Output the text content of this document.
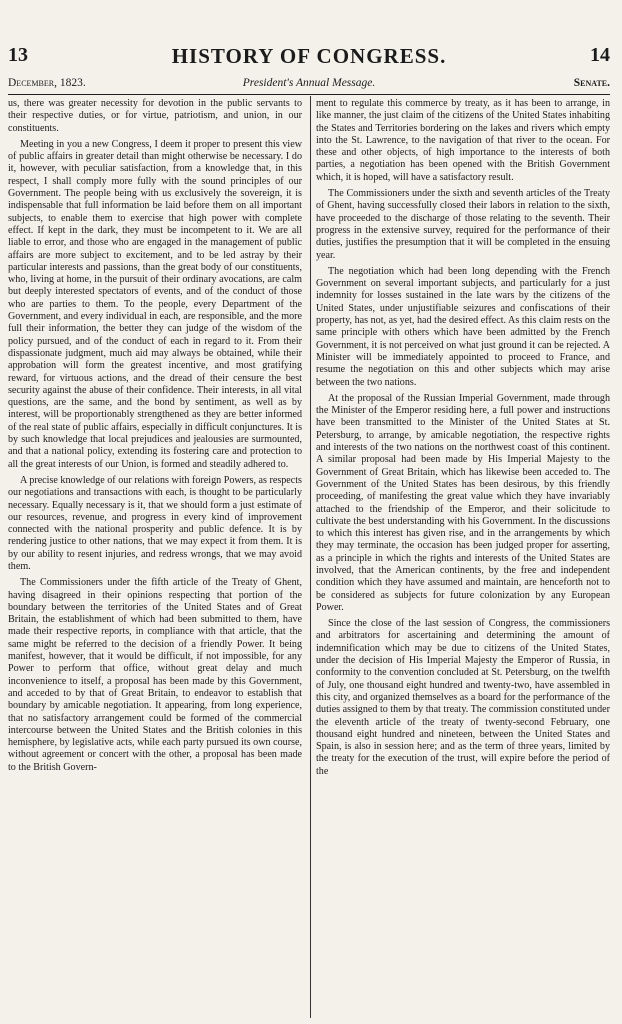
13	HISTORY OF CONGRESS.	14
December, 1823.	President's Annual Message.	Senate.

us, there was greater necessity for devotion in the public servants to their respective duties, or for virtue, patriotism, and union, in our constituents.

Meeting in you a new Congress, I deem it proper to present this view of public affairs in greater detail than might otherwise be necessary. I do it, however, with peculiar satisfaction, from a knowledge that, in this respect, I shall comply more fully with the sound principles of our Government. The people being with us exclusively the sovereign, it is indispensable that full information be laid before them on all important subjects, to enable them to exercise that high power with complete effect. If kept in the dark, they must be incompetent to it. We are all liable to error, and those who are engaged in the management of public affairs are more subject to excitement, and to be led astray by their particular interests and passions, than the great body of our constituents, who, living at home, in the pursuit of their ordinary avocations, are calm but deeply interested spectators of events, and of the conduct of those who are parties to them. To the people, every Department of the Government, and every individual in each, are responsible, and the more full their information, the better they can judge of the wisdom of the policy pursued, and of the conduct of each in regard to it. From their dispassionate judgment, much aid may always be obtained, while their approbation will form the greatest incentive, and most gratifying reward, for virtuous actions, and the dread of their censure the best security against the abuse of their confidence. Their interests, in all vital questions, are the same, and the bond by sentiment, as well as by interest, will be proportionably strengthened as they are better informed of the real state of public affairs, especially in difficult conjunctures. It is by such knowledge that local prejudices and jealousies are surmounted, and that a national policy, extending its fostering care and protection to all the great interests of our Union, is formed and steadily adhered to.

A precise knowledge of our relations with foreign Powers, as respects our negotiations and transactions with each, is thought to be particularly necessary. Equally necessary is it, that we should form a just estimate of our resources, revenue, and progress in every kind of improvement connected with the national prosperity and public defence. It is by rendering justice to other nations, that we may expect it from them. It is by our ability to resent injuries, and redress wrongs, that we may avoid them.

The Commissioners under the fifth article of the Treaty of Ghent, having disagreed in their opinions respecting that portion of the boundary between the territories of the United States and of Great Britain, the establishment of which had been submitted to them, have made their respective reports, in compliance with that article, that the same might be referred to the decision of a friendly Power. It being manifest, however, that it would be difficult, if not impossible, for any Power to perform that office, without great delay and much inconvenience to itself, a proposal has been made by this Government, and acceded to by that of Great Britain, to endeavor to establish that boundary by amicable negotiation. It appearing, from long experience, that no satisfactory arrangement could be formed of the commercial intercourse between the United States and the British colonies in this hemisphere, by legislative acts, while each party pursued its own course, without agreement or concert with the other, a proposal has been made to the British Govern-

ment to regulate this commerce by treaty, as it has been to arrange, in like manner, the just claim of the citizens of the United States inhabiting the States and Territories bordering on the lakes and rivers which empty into the St. Lawrence, to the navigation of that river to the ocean. For these and other objects, of high importance to the interests of both parties, a negotiation has been opened with the British Government which, it is hoped, will have a satisfactory result.

The Commissioners under the sixth and seventh articles of the Treaty of Ghent, having successfully closed their labors in relation to the sixth, have proceeded to the discharge of those relating to the seventh. Their progress in the extensive survey, required for the performance of their duties, justifies the presumption that it will be completed in the ensuing year.

The negotiation which had been long depending with the French Government on several important subjects, and particularly for a just indemnity for losses sustained in the late wars by the citizens of the United States, under unjustifiable seizures and confiscations of their property, has not, as yet, had the desired effect. As this claim rests on the same principle with others which have been admitted by the French Government, it is not perceived on what just ground it can be rejected. A Minister will be immediately appointed to proceed to France, and resume the negotiation on this and other subjects which may arise between the two nations.

At the proposal of the Russian Imperial Government, made through the Minister of the Emperor residing here, a full power and instructions have been transmitted to the Minister of the United States at St. Petersburg, to arrange, by amicable negotiation, the respective rights and interests of the two nations on the northwest coast of this continent. A similar proposal had been made by His Imperial Majesty to the Government of Great Britain, which has likewise been acceded to. The Government of the United States has been desirous, by this friendly proceeding, of manifesting the great value which they have invariably attached to the friendship of the Emperor, and their solicitude to cultivate the best understanding with his Government. In the discussions to which this interest has given rise, and in the arrangements by which they may terminate, the occasion has been judged proper for asserting, as a principle in which the rights and interests of the United States are involved, that the American continents, by the free and independent condition which they have assumed and maintain, are henceforth not to be considered as subjects for future colonization by any European Power.

Since the close of the last session of Congress, the commissioners and arbitrators for ascertaining and determining the amount of indemnification which may be due to citizens of the United States, under the decision of His Imperial Majesty the Emperor of Russia, in conformity to the convention concluded at St. Petersburg, on the twelfth of July, one thousand eight hundred and twenty-two, have assembled in this city, and organized themselves as a board for the performance of the duties assigned to them by that treaty. The commission constituted under the eleventh article of the treaty of twenty-second February, one thousand eight hundred and nineteen, between the United States and Spain, is also in session here; and as the term of three years, limited by the treaty for the execution of the trust, will expire before the period of the
